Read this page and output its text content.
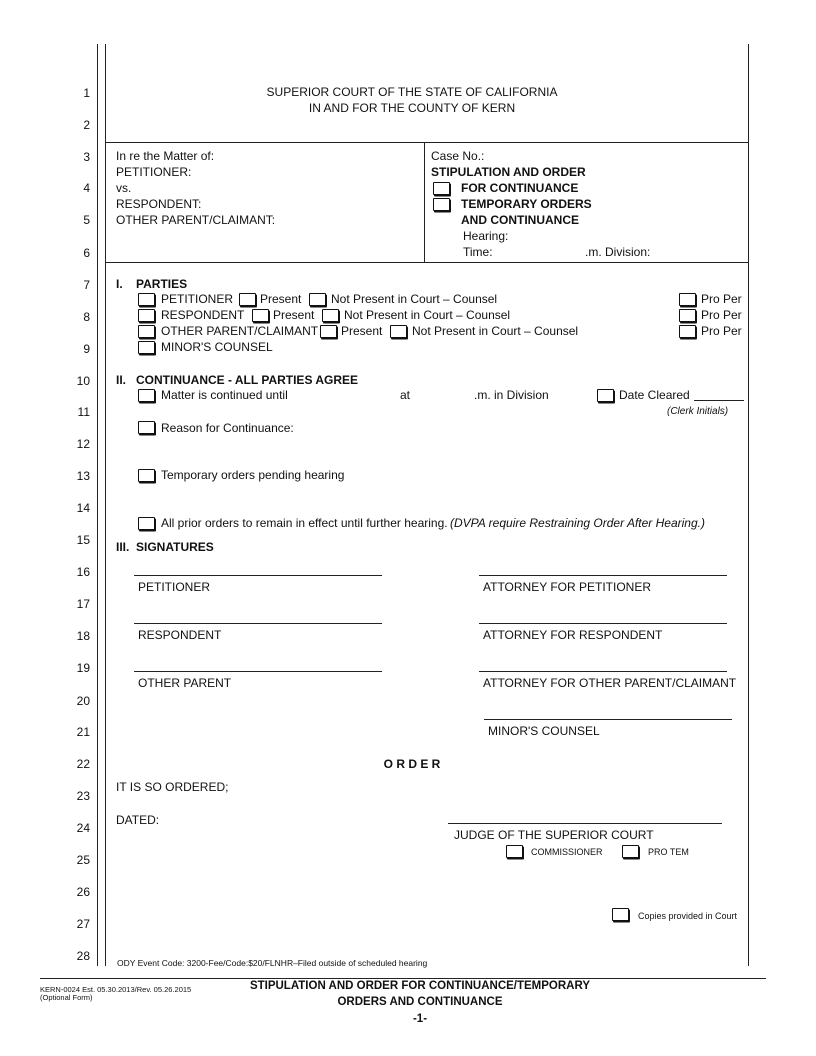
1
2
3
4
5
6
7
8
9
10
11
12
13
14
15
16
17
18
19
20
21
22
23
24
25
26
27
28
SUPERIOR COURT OF THE STATE OF CALIFORNIA
IN AND FOR THE COUNTY OF KERN
In re the Matter of:
PETITIONER:
vs.
RESPONDENT:
OTHER PARENT/CLAIMANT:
Case No.:
STIPULATION AND ORDER
FOR CONTINUANCE
TEMPORARY ORDERS
AND CONTINUANCE
Hearing:
Time:	.m. Division:
I. PARTIES
PETITIONER Present Not Present in Court – Counsel	Pro Per
RESPONDENT Present Not Present in Court – Counsel	Pro Per
OTHER PARENT/CLAIMANT Present Not Present in Court – Counsel	Pro Per
MINOR'S COUNSEL
II. CONTINUANCE - ALL PARTIES AGREE
Matter is continued until	at	.m. in Division	Date Cleared
(Clerk Initials)
Reason for Continuance:
Temporary orders pending hearing
All prior orders to remain in effect until further hearing. (DVPA require Restraining Order After Hearing.)
III. SIGNATURES
PETITIONER	ATTORNEY FOR PETITIONER
RESPONDENT	ATTORNEY FOR RESPONDENT
OTHER PARENT	ATTORNEY FOR OTHER PARENT/CLAIMANT
MINOR'S COUNSEL
O R D E R
IT IS SO ORDERED;
DATED:
JUDGE OF THE SUPERIOR COURT
COMMISSIONER	PRO TEM
Copies provided in Court
ODY Event Code: 3200-Fee/Code:$20/FLNHR–Filed outside of scheduled hearing
KERN-0024 Est. 05.30.2013/Rev. 05.26.2015
(Optional Form)
STIPULATION AND ORDER FOR CONTINUANCE/TEMPORARY
ORDERS AND CONTINUANCE
-1-
